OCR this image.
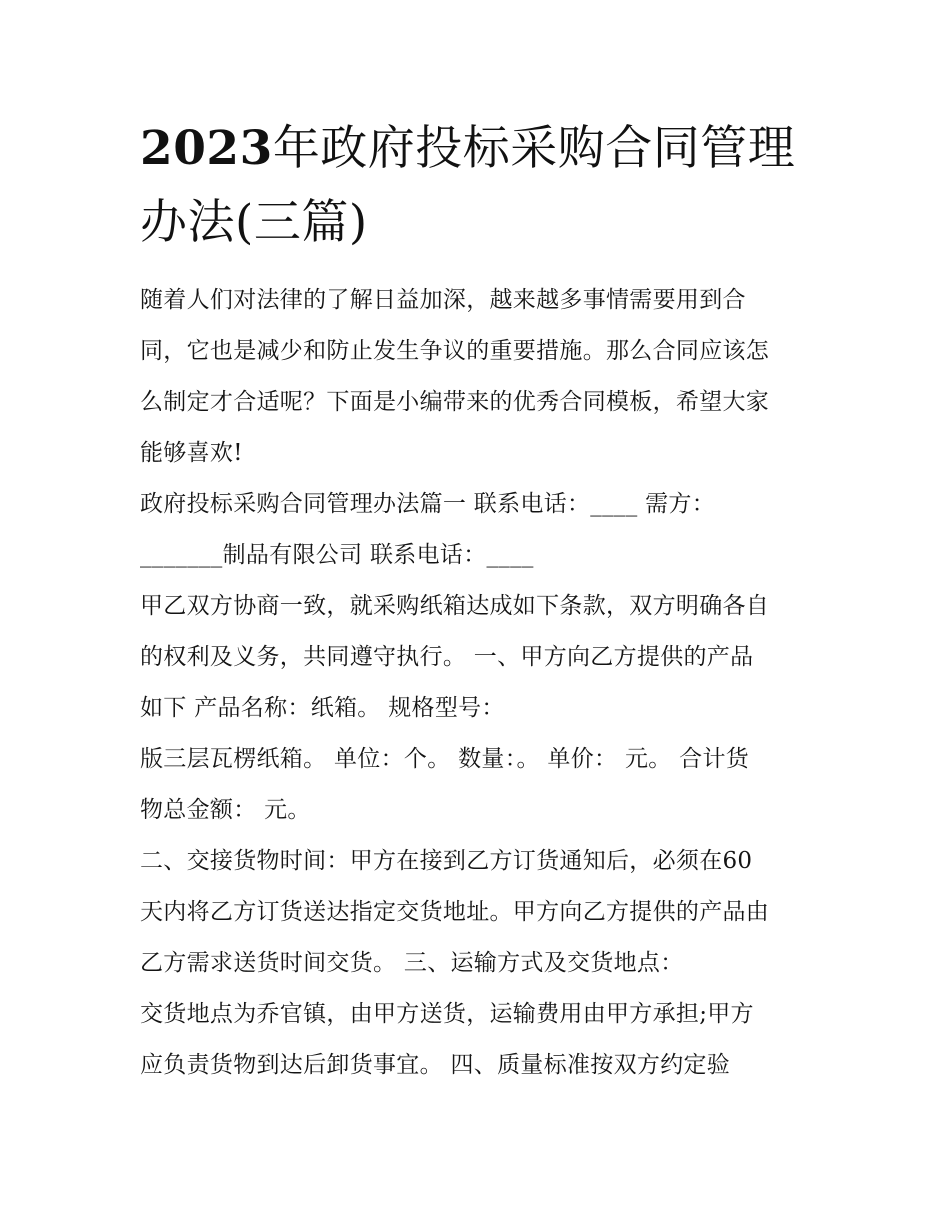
2023年政府投标采购合同管理
办法(三篇)

随着人们对法律的了解日益加深，越来越多事情需要用到合

同，它也是减少和防止发生争议的重要措施。那么合同应该怎

么制定才合适呢？下面是小编带来的优秀合同模板，希望大家

能够喜欢!

政府投标采购合同管理办法篇一 联系电话：____ 需方：

_______制品有限公司 联系电话：____

甲乙双方协商一致，就采购纸箱达成如下条款，双方明确各自

的权利及义务，共同遵守执行。 一、甲方向乙方提供的产品

如下 产品名称：纸箱。 规格型号：

版三层瓦楞纸箱。 单位：个。 数量：。 单价： 元。 合计货

物总金额： 元。

二、交接货物时间：甲方在接到乙方订货通知后，必须在60

天内将乙方订货送达指定交货地址。甲方向乙方提供的产品由

乙方需求送货时间交货。 三、运输方式及交货地点：

交货地点为乔官镇，由甲方送货，运输费用由甲方承担;甲方

应负责货物到达后卸货事宜。 四、质量标准按双方约定验
